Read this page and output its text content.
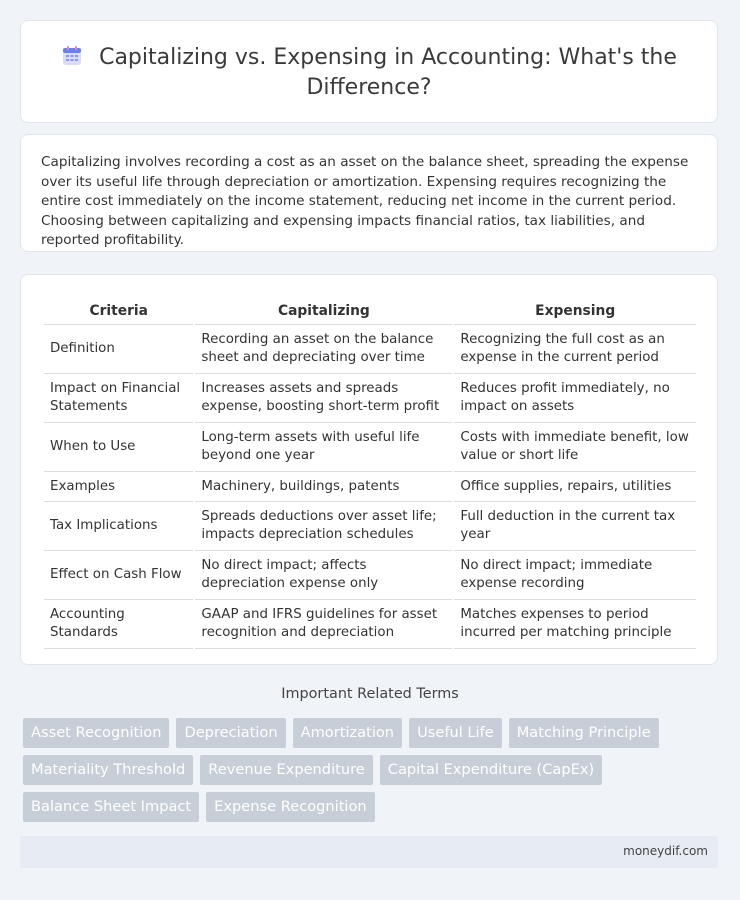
Capitalizing vs. Expensing in Accounting: What's the Difference?
Capitalizing involves recording a cost as an asset on the balance sheet, spreading the expense over its useful life through depreciation or amortization. Expensing requires recognizing the entire cost immediately on the income statement, reducing net income in the current period. Choosing between capitalizing and expensing impacts financial ratios, tax liabilities, and reported profitability.
Criteria	Capitalizing	Expensing
Definition	Recording an asset on the balance sheet and depreciating over time	Recognizing the full cost as an expense in the current period
Impact on Financial Statements	Increases assets and spreads expense, boosting short-term profit	Reduces profit immediately, no impact on assets
When to Use	Long-term assets with useful life beyond one year	Costs with immediate benefit, low value or short life
Examples	Machinery, buildings, patents	Office supplies, repairs, utilities
Tax Implications	Spreads deductions over asset life; impacts depreciation schedules	Full deduction in the current tax year
Effect on Cash Flow	No direct impact; affects depreciation expense only	No direct impact; immediate expense recording
Accounting Standards	GAAP and IFRS guidelines for asset recognition and depreciation	Matches expenses to period incurred per matching principle
Important Related Terms
Asset Recognition	Depreciation	Amortization	Useful Life	Matching Principle
Materiality Threshold	Revenue Expenditure	Capital Expenditure (CapEx)
Balance Sheet Impact	Expense Recognition
moneydif.com
